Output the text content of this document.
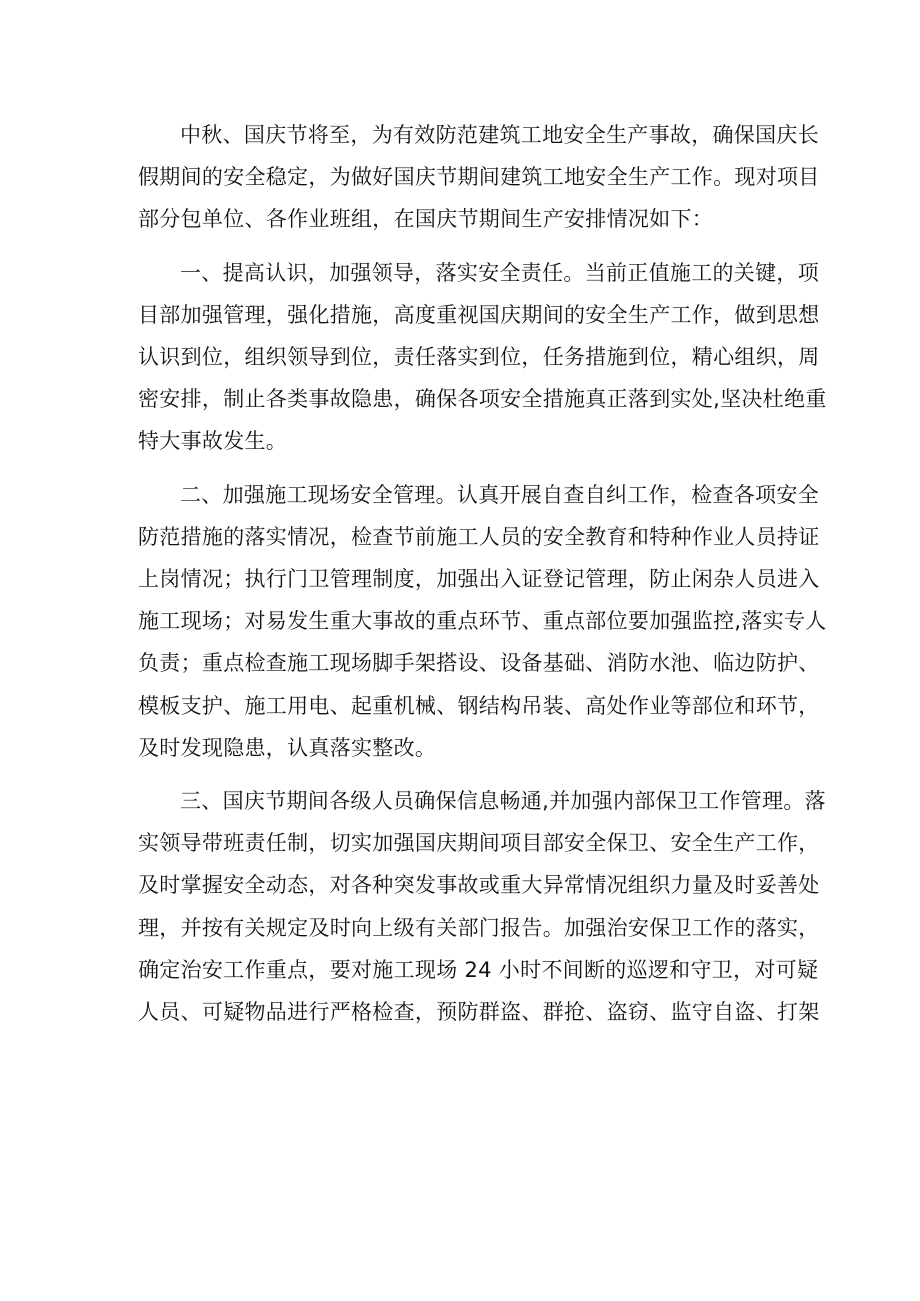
中秋、国庆节将至，为有效防范建筑工地安全生产事故，确保国庆长
假期间的安全稳定，为做好国庆节期间建筑工地安全生产工作。现对项目
部分包单位、各作业班组，在国庆节期间生产安排情况如下：
一、提高认识，加强领导，落实安全责任。当前正值施工的关键，项
目部加强管理，强化措施，高度重视国庆期间的安全生产工作，做到思想
认识到位，组织领导到位，责任落实到位，任务措施到位，精心组织，周
密安排，制止各类事故隐患，确保各项安全措施真正落到实处,坚决杜绝重
特大事故发生。
二、加强施工现场安全管理。认真开展自查自纠工作，检查各项安全
防范措施的落实情况，检查节前施工人员的安全教育和特种作业人员持证
上岗情况；执行门卫管理制度，加强出入证登记管理，防止闲杂人员进入
施工现场；对易发生重大事故的重点环节、重点部位要加强监控,落实专人
负责；重点检查施工现场脚手架搭设、设备基础、消防水池、临边防护、
模板支护、施工用电、起重机械、钢结构吊装、高处作业等部位和环节，
及时发现隐患，认真落实整改。
三、国庆节期间各级人员确保信息畅通,并加强内部保卫工作管理。落
实领导带班责任制，切实加强国庆期间项目部安全保卫、安全生产工作，
及时掌握安全动态，对各种突发事故或重大异常情况组织力量及时妥善处
理，并按有关规定及时向上级有关部门报告。加强治安保卫工作的落实，
确定治安工作重点，要对施工现场 24 小时不间断的巡逻和守卫，对可疑
人员、可疑物品进行严格检查，预防群盗、群抢、盗窃、监守自盗、打架
